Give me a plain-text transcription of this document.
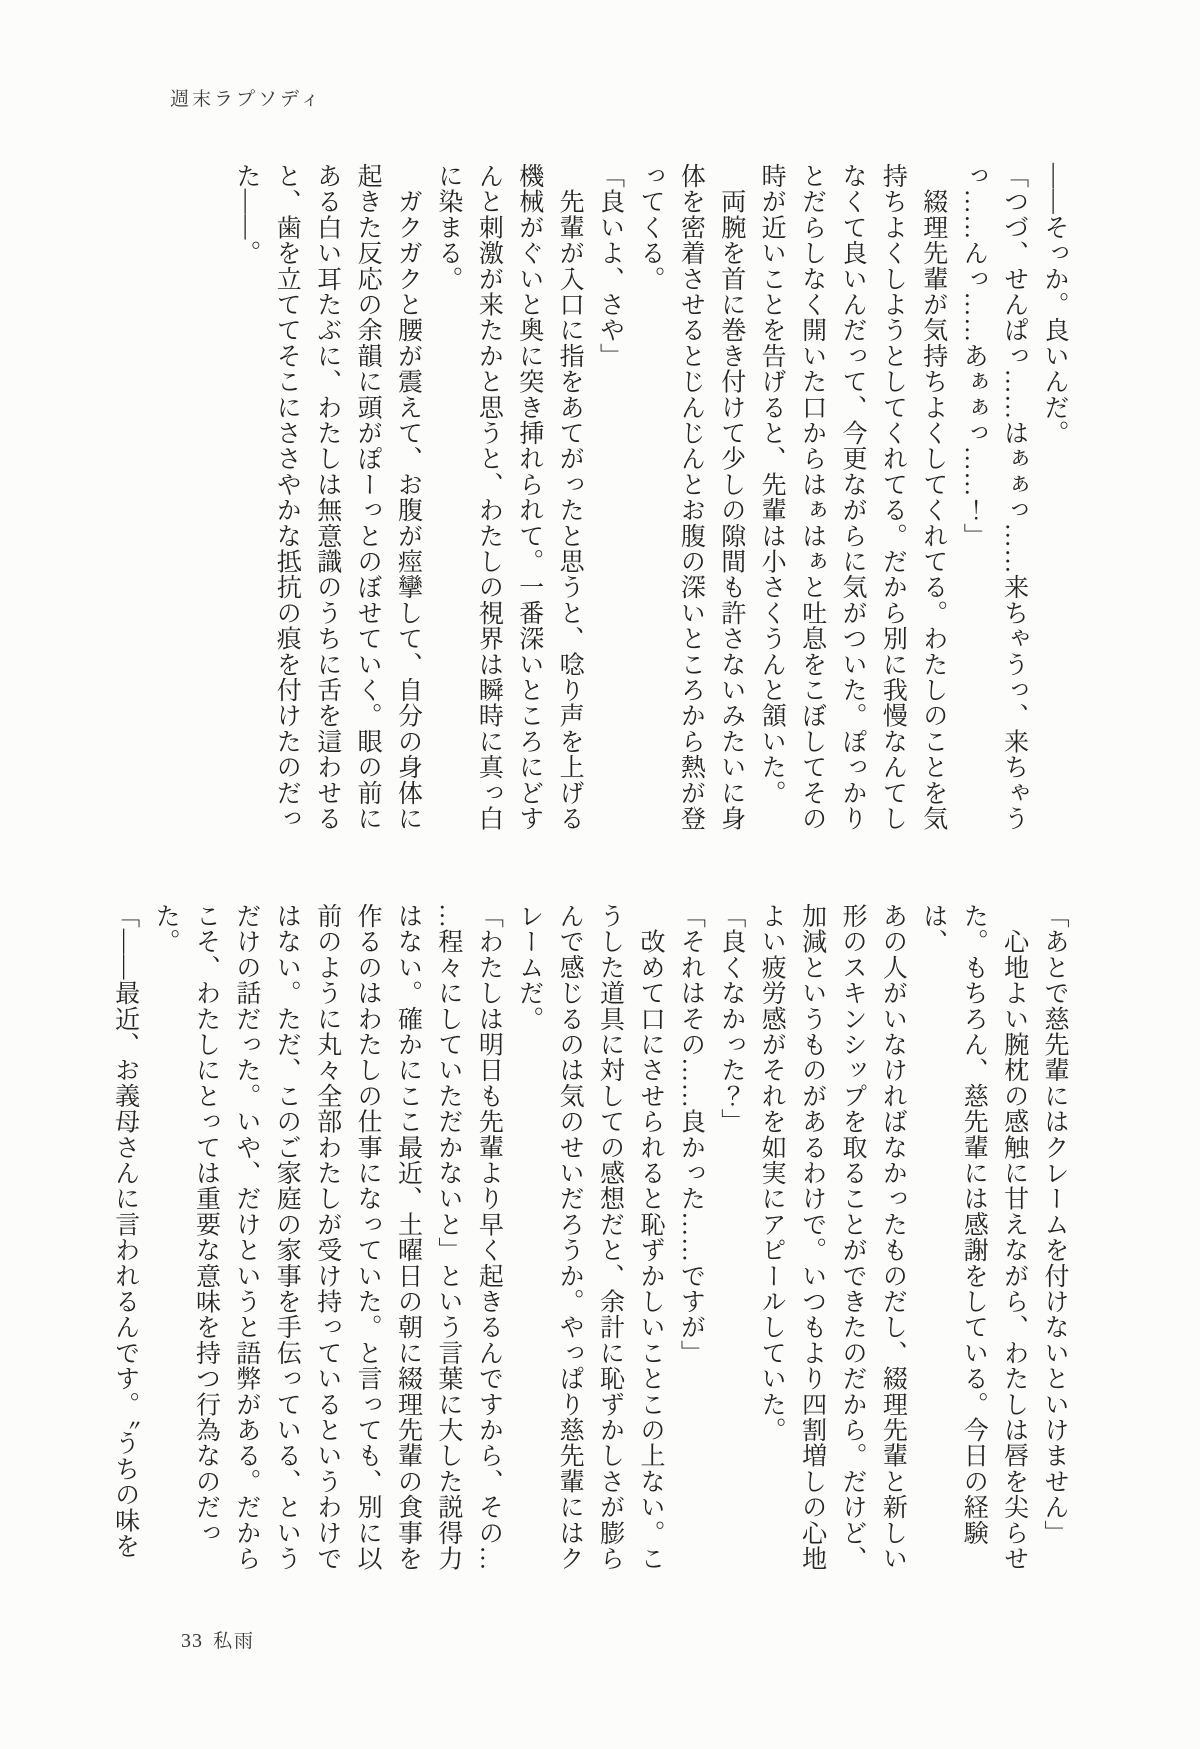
週末ラプソディ

――そっか。良いんだ。

「つづ、せんぱっ……はぁぁっ……来ちゃうっ、来ちゃう

っ……んっ……あぁぁっ……！」

　綴理先輩が気持ちよくしてくれてる。わたしのことを気

持ちよくしようとしてくれてる。だから別に我慢なんてし

なくて良いんだって、今更ながらに気がついた。ぽっかり

とだらしなく開いた口からはぁはぁと吐息をこぼしてその

時が近いことを告げると、先輩は小さくうんと頷いた。

　両腕を首に巻き付けて少しの隙間も許さないみたいに身

体を密着させるとじんじんとお腹の深いところから熱が登

ってくる。

「良いよ、さや」

　先輩が入口に指をあてがったと思うと、唸り声を上げる

機械がぐいと奥に突き挿れられて。一番深いところにどす

んと刺激が来たかと思うと、わたしの視界は瞬時に真っ白

に染まる。

　ガクガクと腰が震えて、お腹が痙攣して、自分の身体に

起きた反応の余韻に頭がぽーっとのぼせていく。眼の前に

ある白い耳たぶに、わたしは無意識のうちに舌を這わせる

と、歯を立ててそこにささやかな抵抗の痕を付けたのだっ

た――。

「あとで慈先輩にはクレームを付けないといけません」

　心地よい腕枕の感触に甘えながら、わたしは唇を尖らせ

た。もちろん、慈先輩には感謝をしている。今日の経験は、

あの人がいなければなかったものだし、綴理先輩と新しい

形のスキンシップを取ることができたのだから。だけど、

加減というものがあるわけで。いつもより四割増しの心地

よい疲労感がそれを如実にアピールしていた。

「良くなかった？」

「それはその……良かった……ですが」

　改めて口にさせられると恥ずかしいことこの上ない。こ

うした道具に対しての感想だと、余計に恥ずかしさが膨ら

んで感じるのは気のせいだろうか。やっぱり慈先輩にはク

レームだ。

「わたしは明日も先輩より早く起きるんですから、その…

…程々にしていただかないと」という言葉に大した説得力

はない。確かにここ最近、土曜日の朝に綴理先輩の食事を

作るのはわたしの仕事になっていた。と言っても、別に以

前のように丸々全部わたしが受け持っているというわけで

はない。ただ、このご家庭の家事を手伝っている、という

だけの話だった。いや、だけというと語弊がある。だから

こそ、わたしにとっては重要な意味を持つ行為なのだった。

「――最近、お義母さんに言われるんです。〝うちの味を

33 私雨
